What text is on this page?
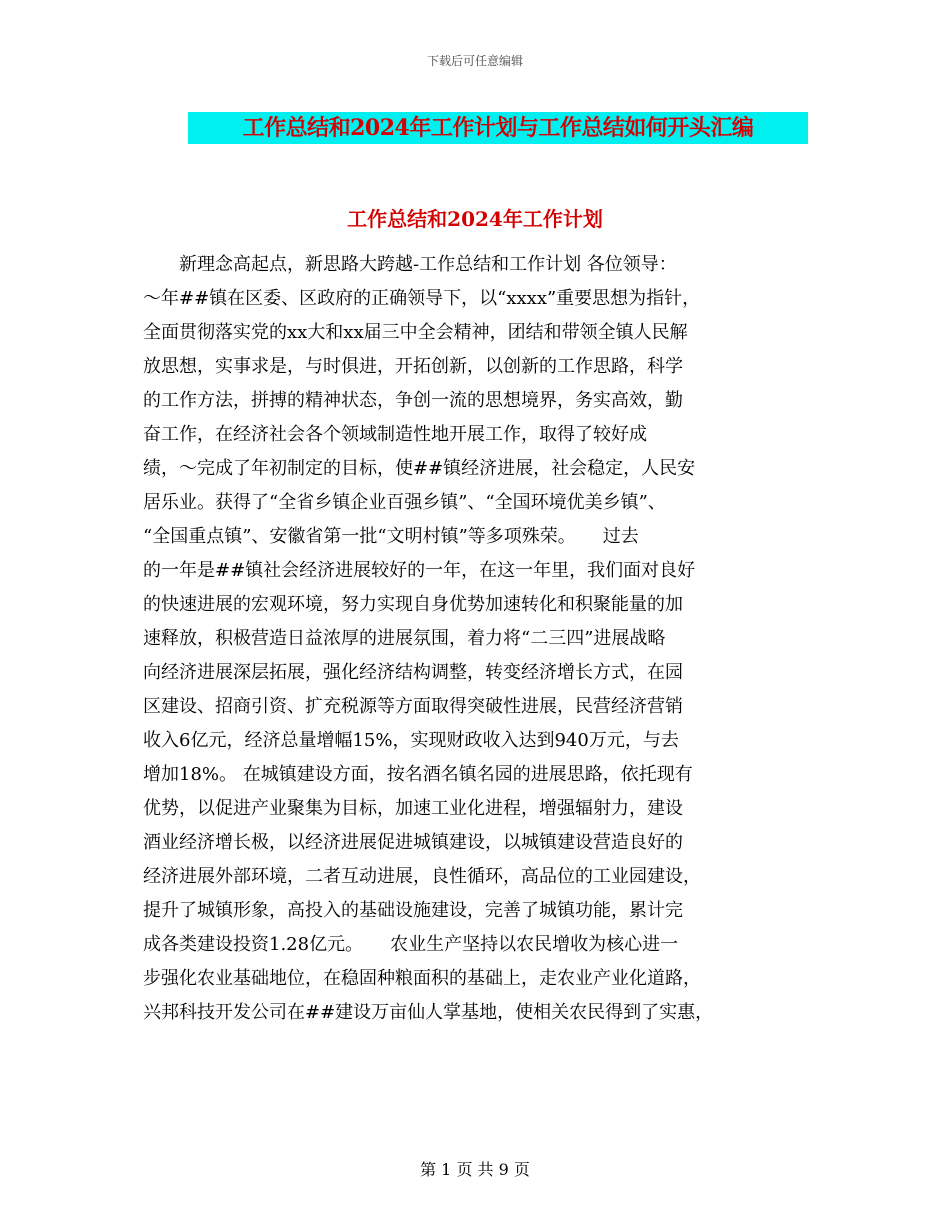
下载后可任意编辑
工作总结和2024年工作计划与工作总结如何开头汇编
工作总结和2024年工作计划
新理念高起点，新思路大跨越-工作总结和工作计划 各位领导：
～年##镇在区委、区政府的正确领导下，以“xxxx”重要思想为指针，
全面贯彻落实党的xx大和xx届三中全会精神，团结和带领全镇人民解
放思想，实事求是，与时俱进，开拓创新，以创新的工作思路，科学
的工作方法，拼搏的精神状态，争创一流的思想境界，务实高效，勤
奋工作，在经济社会各个领域制造性地开展工作，取得了较好成
绩，～完成了年初制定的目标，使##镇经济进展，社会稳定，人民安
居乐业。获得了“全省乡镇企业百强乡镇”、“全国环境优美乡镇”、
“全国重点镇”、安徽省第一批“文明村镇”等多项殊荣。　　过去
的一年是##镇社会经济进展较好的一年，在这一年里，我们面对良好
的快速进展的宏观环境，努力实现自身优势加速转化和积聚能量的加
速释放，积极营造日益浓厚的进展氛围，着力将“二三四”进展战略
向经济进展深层拓展，强化经济结构调整，转变经济增长方式，在园
区建设、招商引资、扩充税源等方面取得突破性进展，民营经济营销
收入6亿元，经济总量增幅15%，实现财政收入达到940万元，与去
增加18%。 在城镇建设方面，按名酒名镇名园的进展思路，依托现有
优势，以促进产业聚集为目标，加速工业化进程，增强辐射力，建设
酒业经济增长极，以经济进展促进城镇建设，以城镇建设营造良好的
经济进展外部环境，二者互动进展，良性循环，高品位的工业园建设，
提升了城镇形象，高投入的基础设施建设，完善了城镇功能，累计完
成各类建设投资1.28亿元。　　农业生产坚持以农民增收为核心进一
步强化农业基础地位，在稳固种粮面积的基础上，走农业产业化道路，
兴邦科技开发公司在##建设万亩仙人掌基地，使相关农民得到了实惠，
第 1 页 共 9 页
